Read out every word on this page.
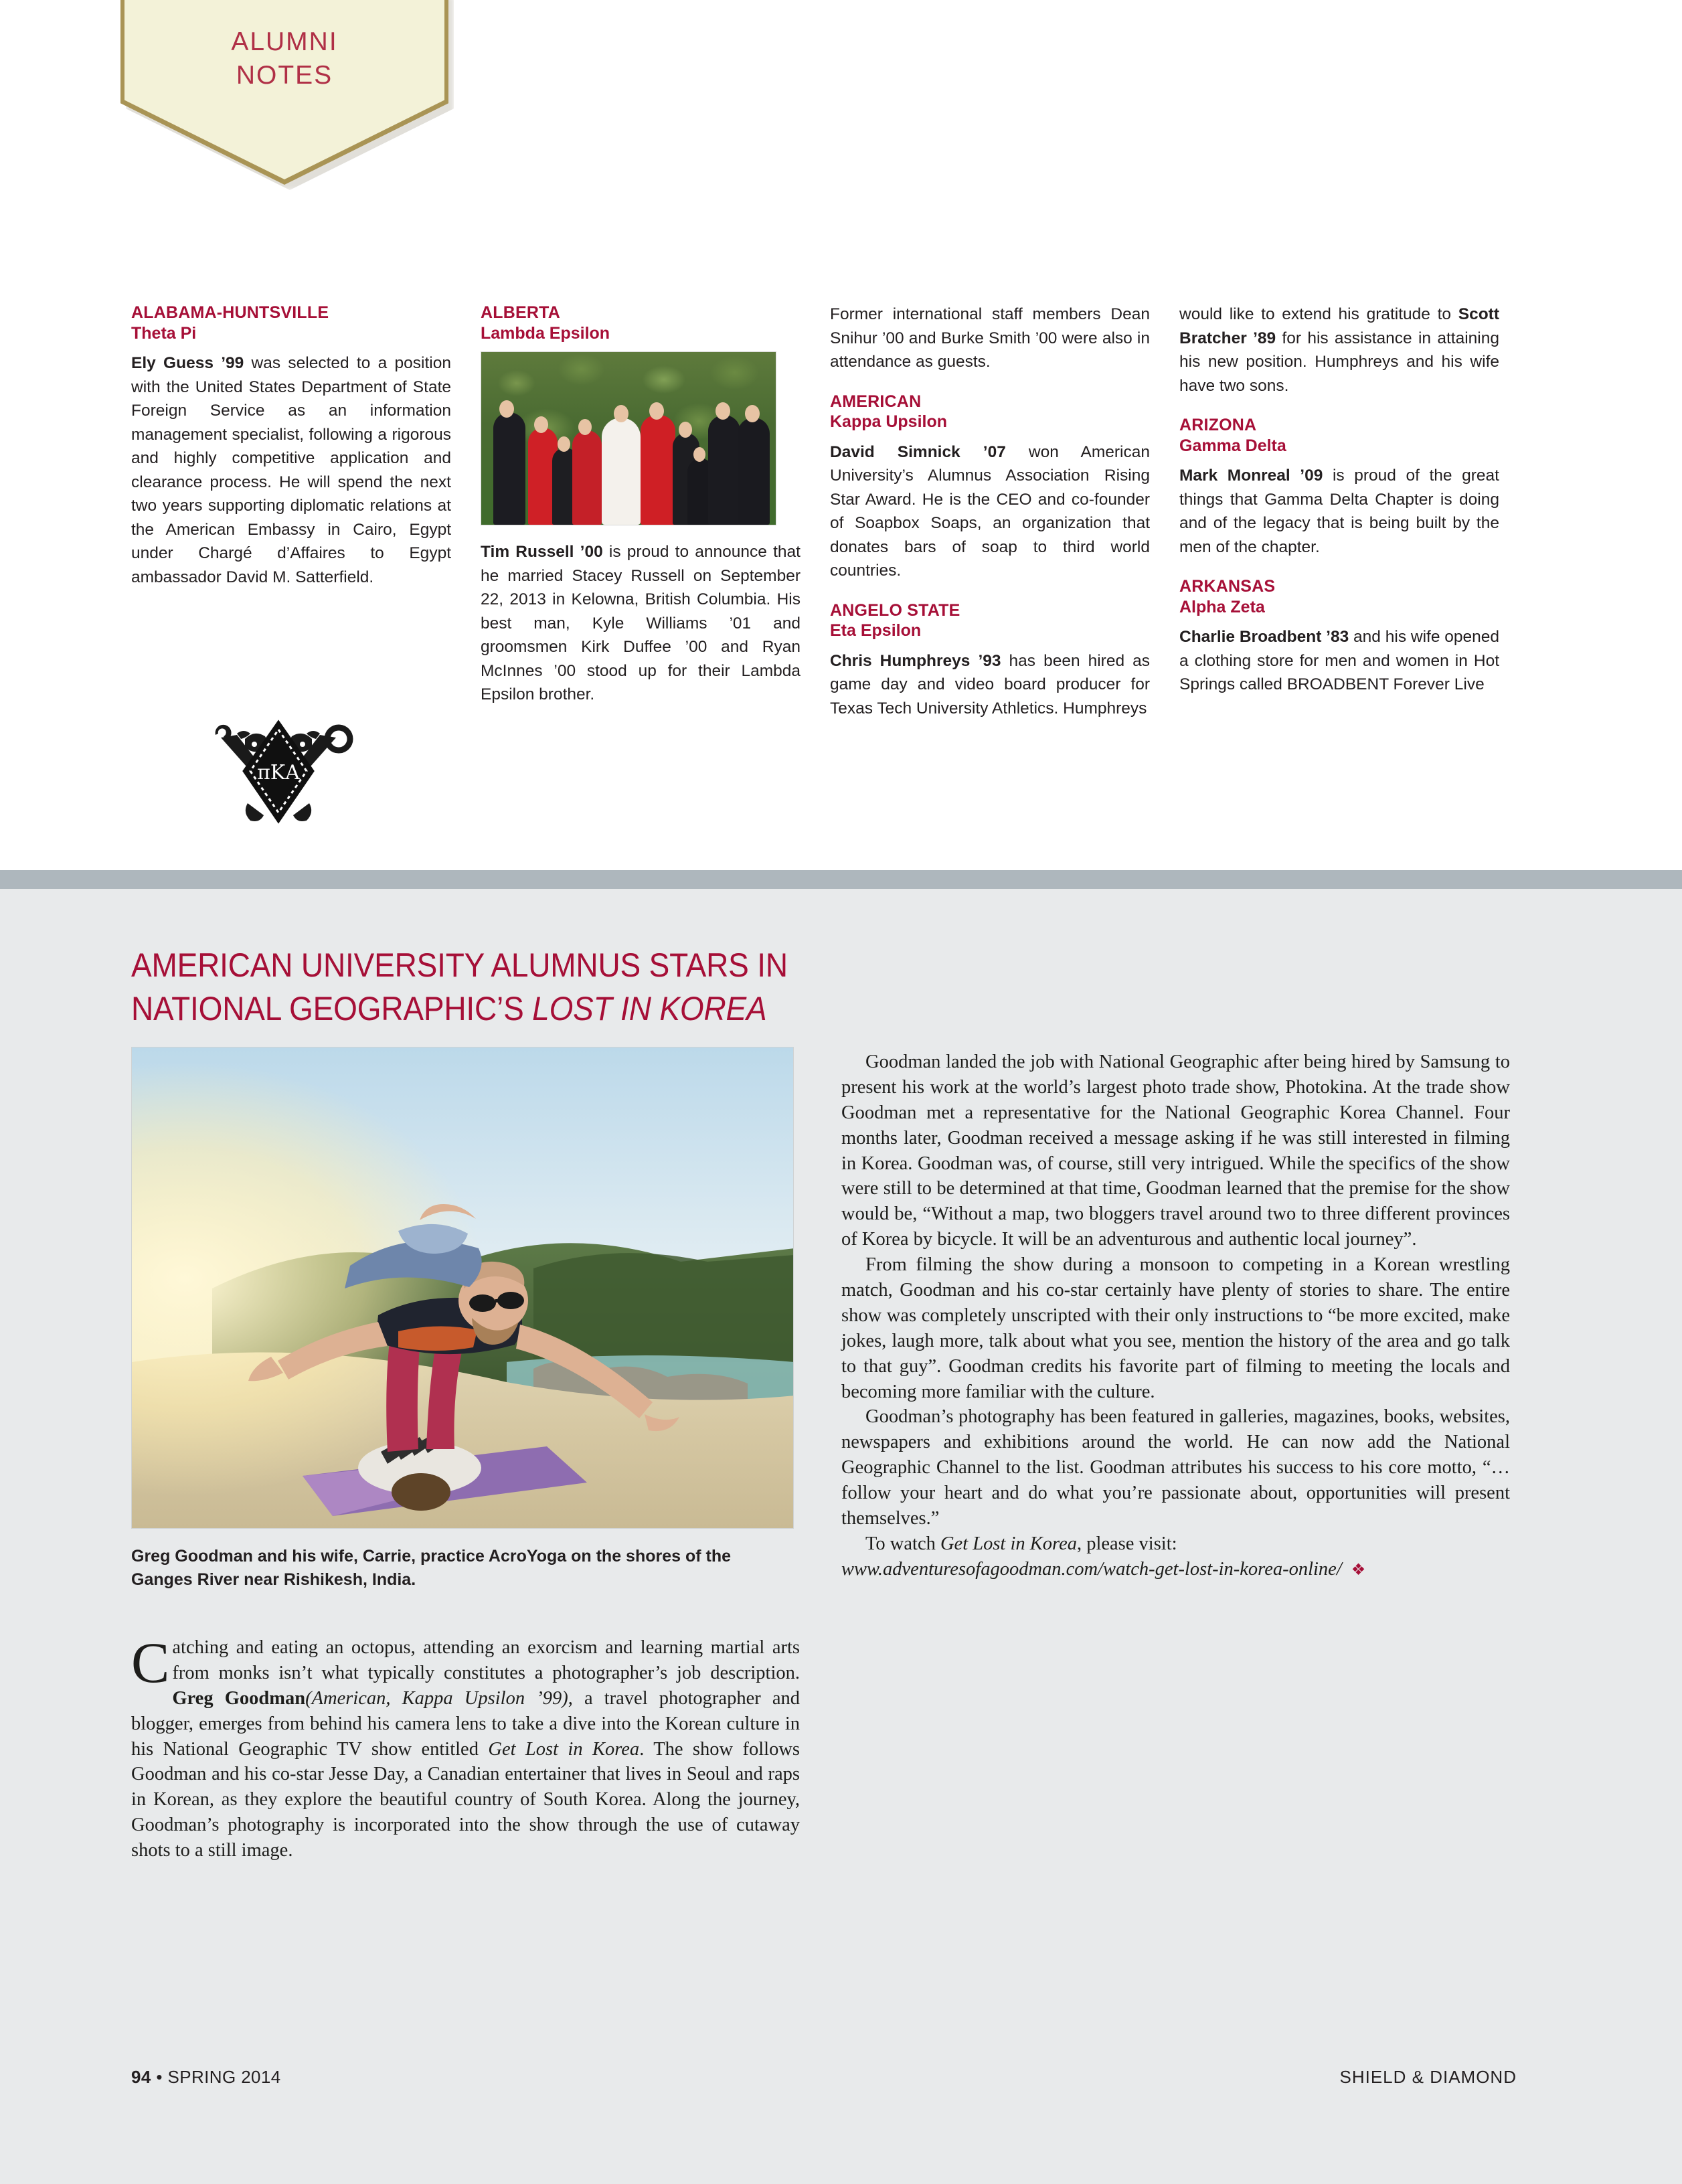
ALUMNI
NOTES
ALABAMA-HUNTSVILLE
Theta Pi
Ely Guess ’99 was selected to a position with the United States Department of State Foreign Service as an information management specialist, following a rigorous and highly competitive application and clearance process. He will spend the next two years supporting diplomatic relations at the American Embassy in Cairo, Egypt under Chargé d’Affaires to Egypt ambassador David M. Satterfield.
ALBERTA
Lambda Epsilon
Tim Russell ’00 is proud to announce that he married Stacey Russell on September 22, 2013 in Kelowna, British Columbia. His best man, Kyle Williams ’01 and groomsmen Kirk Duffee ’00 and Ryan McInnes ’00 stood up for their Lambda Epsilon brother.
Former international staff members Dean Snihur ’00 and Burke Smith ’00 were also in attendance as guests.
AMERICAN
Kappa Upsilon
David Simnick ’07 won American University’s Alumnus Association Rising Star Award. He is the CEO and co-founder of Soapbox Soaps, an organization that donates bars of soap to third world countries.
ANGELO STATE
Eta Epsilon
Chris Humphreys ’93 has been hired as game day and video board producer for Texas Tech University Athletics. Humphreys
would like to extend his gratitude to Scott Bratcher ’89 for his assistance in attaining his new position. Humphreys and his wife have two sons.
ARIZONA
Gamma Delta
Mark Monreal ’09 is proud of the great things that Gamma Delta Chapter is doing and of the legacy that is being built by the men of the chapter.
ARKANSAS
Alpha Zeta
Charlie Broadbent ’83 and his wife opened a clothing store for men and women in Hot Springs called BROADBENT Forever Live
πΚΑ
AMERICAN UNIVERSITY ALUMNUS STARS IN
NATIONAL GEOGRAPHIC’S LOST IN KOREA
Greg Goodman and his wife, Carrie, practice AcroYoga on the shores of the Ganges River near Rishikesh, India.

Catching and eating an octopus, attending an exorcism and learning martial arts from monks isn’t what typically constitutes a photographer’s job description. Greg Goodman(American, Kappa Upsilon ’99), a travel photographer and blogger, emerges from behind his camera lens to take a dive into the Korean culture in his National Geographic TV show entitled Get Lost in Korea. The show follows Goodman and his co-star Jesse Day, a Canadian entertainer that lives in Seoul and raps in Korean, as they explore the beautiful country of South Korea. Along the journey, Goodman’s photography is incorporated into the show through the use of cutaway shots to a still image.

Goodman landed the job with National Geographic after being hired by Samsung to present his work at the world’s largest photo trade show, Photokina. At the trade show Goodman met a representative for the National Geographic Korea Channel. Four months later, Goodman received a message asking if he was still interested in filming in Korea. Goodman was, of course, still very intrigued. While the specifics of the show were still to be determined at that time, Goodman learned that the premise for the show would be, “Without a map, two bloggers travel around two to three different provinces of Korea by bicycle. It will be an adventurous and authentic local journey”.

From filming the show during a monsoon to competing in a Korean wrestling match, Goodman and his co-star certainly have plenty of stories to share. The entire show was completely unscripted with their only instructions to “be more excited, make jokes, laugh more, talk about what you see, mention the history of the area and go talk to that guy”. Goodman credits his favorite part of filming to meeting the locals and becoming more familiar with the culture.

Goodman’s photography has been featured in galleries, magazines, books, websites, newspapers and exhibitions around the world. He can now add the National Geographic Channel to the list. Goodman attributes his success to his core motto, “… follow your heart and do what you’re passionate about, opportunities will present themselves.”

To watch Get Lost in Korea, please visit:

www.adventuresofagoodman.com/watch-get-lost-in-korea-online/ ❖

94 • SPRING 2014	SHIELD & DIAMOND
